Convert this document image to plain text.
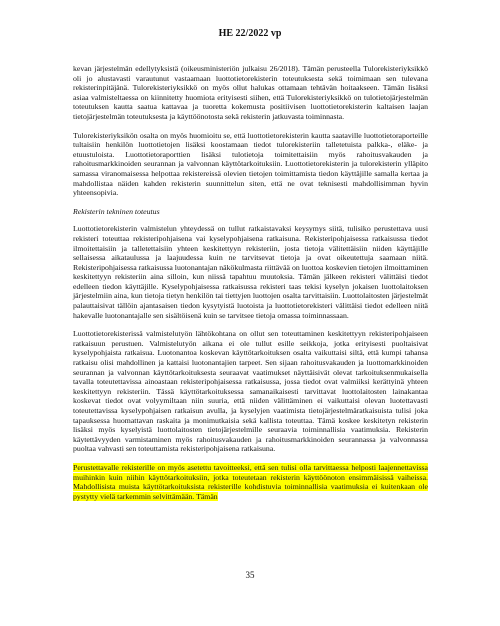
HE 22/2022 vp

kevan järjestelmän edellytyksistä (oikeusministeriön julkaisu 26/2018). Tämän perusteella Tulorekisteriyksikkö oli jo alustavasti varautunut vastaamaan luottotietorekisterin toteutuksesta sekä toimimaan sen tulevana rekisterinpitäjänä. Tulorekisteriyksikkö on myös ollut halukas ottamaan tehtävän hoitaakseen. Tämän lisäksi asiaa valmisteltaessa on kiinnitetty huomiota erityisesti siihen, että Tulorekisteriyksikkö on tulotietojärjestelmän toteutuksen kautta saatua kattavaa ja tuoretta kokemusta positiivisen luottotietorekisterin kaltaisen laajan tietojärjestelmän toteutuksesta ja käyttöönotosta sekä rekisterin jatkuvasta toiminnasta.

Tulorekisteriyksikön osalta on myös huomioitu se, että luottotietorekisterin kautta saataville luottotietoraporteille tultaisiin henkilön luottotietojen lisäksi koostamaan tiedot tulorekisteriin talletetuista palkka-, eläke- ja etuustuloista. Luottotietoraporttien lisäksi tulotietoja toimitettaisiin myös rahoitusvakauden ja rahoitusmarkkinoiden seurannan ja valvonnan käyttötarkoituksiin. Luottotietorekisterin ja tulorekisterin ylläpito samassa viranomaisessa helpottaa rekistereissä olevien tietojen toimittamista tiedon käyttäjille samalla kertaa ja mahdollistaa näiden kahden rekisterin suunnittelun siten, että ne ovat teknisesti mahdollisimman hyvin yhteensopivia.

Rekisterin tekninen toteutus

Luottotietorekisterin valmistelun yhteydessä on tullut ratkaistavaksi keysymys siitä, tulisiko perustettava uusi rekisteri toteuttaa rekisteripohjaisena vai kyselypohjaisena ratkaisuna. Rekisteripohjaisessa ratkaisussa tiedot ilmoitettaisiin ja talletettaisiin yhteen keskitettyyn rekisteriin, josta tietoja välitettäisiin niiden käyttäjille sellaisessa aikataulussa ja laajuudessa kuin ne tarvitsevat tietoja ja ovat oikeutettuja saamaan niitä. Rekisteripohjaisessa ratkaisussa luotonantajan näkökulmasta riittävää on luottoa koskevien tietojen ilmoittaminen keskitettyyn rekisteriin aina silloin, kun niissä tapahtuu muutoksia. Tämän jälkeen rekisteri välittäisi tiedot edelleen tiedon käyttäjille. Kyselypohjaisessa ratkaisussa rekisteri taas tekisi kyselyn jokaisen luottolaitoksen järjestelmiin aina, kun tietoja tietyn henkilön tai tiettyjen luottojen osalta tarvittaisiin. Luottolaitosten järjestelmät palauttaisivat tällöin ajantasaisen tiedon kysytyistä luotoista ja luottotietorekisteri välittäisi tiedot edelleen niitä hakevalle luotonantajalle sen sisältöisenä kuin se tarvitsee tietoja omassa toiminnassaan.

Luottotietorekisterissä valmistelutyön lähtökohtana on ollut sen toteuttaminen keskitettyyn rekisteripohjaiseen ratkaisuun perustuen. Valmistelutyön aikana ei ole tullut esille seikkoja, jotka erityisesti puoltaisivat kyselypohjaista ratkaisua. Luotonantoa koskevan käyttötarkoituksen osalta vaikuttaisi siltä, että kumpi tahansa ratkaisu olisi mahdollinen ja kattaisi luotonantajien tarpeet. Sen sijaan rahoitusvakauden ja luottomarkkinoiden seurannan ja valvonnan käyttötarkoituksesta seuraavat vaatimukset näyttäisivät olevat tarkoituksenmukaisella tavalla toteutettavissa ainoastaan rekisteripohjaisessa ratkaisussa, jossa tiedot ovat valmiiksi kerättyinä yhteen keskitettyyn rekisteriin. Tässä käyttötarkoituksessa samanaikaisesti tarvittavat luottolaitosten lainakantaa koskevat tiedot ovat volyymiltaan niin suuria, että niiden välittäminen ei vaikuttaisi olevan luotettavasti toteutettavissa kyselypohjaisen ratkaisun avulla, ja kyselyjen vaatimista tietojärjestelmäratkaisuista tulisi joka tapauksessa huomattavan raskaita ja monimutkaisia sekä kallista toteuttaa. Tämä koskee keskitetyn rekisterin lisäksi myös kyselyistä luottolaitosten tietojärjestelmille seuraavia toiminnallisia vaatimuksia. Rekisterin käytettävyyden varmistaminen myös rahoitusvakauden ja rahoitusmarkkinoiden seurannassa ja valvonnassa puoltaa vahvasti sen toteuttamista rekisteripohjaisena ratkaisuna.

Perustettavalle rekisterille on myös asetettu tavoitteeksi, että sen tulisi olla tarvittaessa helposti laajennettavissa muihinkin kuin niihin käyttötarkoituksiin, jotka toteutetaan rekisterin käyttöönoton ensimmäisissä vaiheissa. Mahdollisista muista käyttötarkoituksista rekisterille kohdistuvia toiminnallisia vaatimuksia ei kuitenkaan ole pystytty vielä tarkemmin selvittämään. Tämän

35
